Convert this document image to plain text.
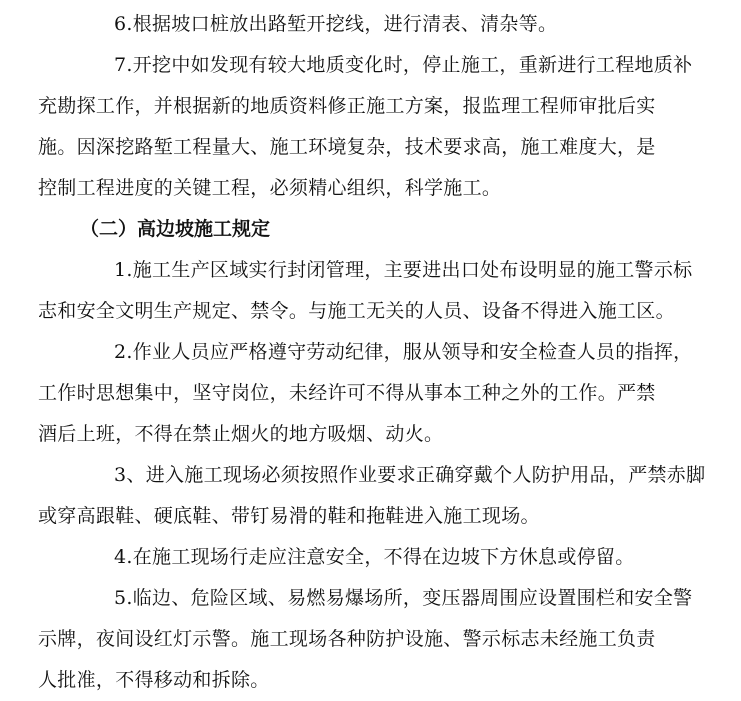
6.根据坡口桩放出路堑开挖线，进行清表、清杂等。

7.开挖中如发现有较大地质变化时，停止施工，重新进行工程地质补
充勘探工作，并根据新的地质资料修正施工方案，报监理工程师审批后实
施。因深挖路堑工程量大、施工环境复杂，技术要求高，施工难度大，是
控制工程进度的关键工程，必须精心组织，科学施工。

（二）高边坡施工规定

1.施工生产区域实行封闭管理，主要进出口处布设明显的施工警示标
志和安全文明生产规定、禁令。与施工无关的人员、设备不得进入施工区。

2.作业人员应严格遵守劳动纪律，服从领导和安全检查人员的指挥，
工作时思想集中，坚守岗位，未经许可不得从事本工种之外的工作。严禁
酒后上班，不得在禁止烟火的地方吸烟、动火。

3、进入施工现场必须按照作业要求正确穿戴个人防护用品，严禁赤脚
或穿高跟鞋、硬底鞋、带钉易滑的鞋和拖鞋进入施工现场。

4.在施工现场行走应注意安全，不得在边坡下方休息或停留。

5.临边、危险区域、易燃易爆场所，变压器周围应设置围栏和安全警
示牌，夜间设红灯示警。施工现场各种防护设施、警示标志未经施工负责
人批准，不得移动和拆除。
